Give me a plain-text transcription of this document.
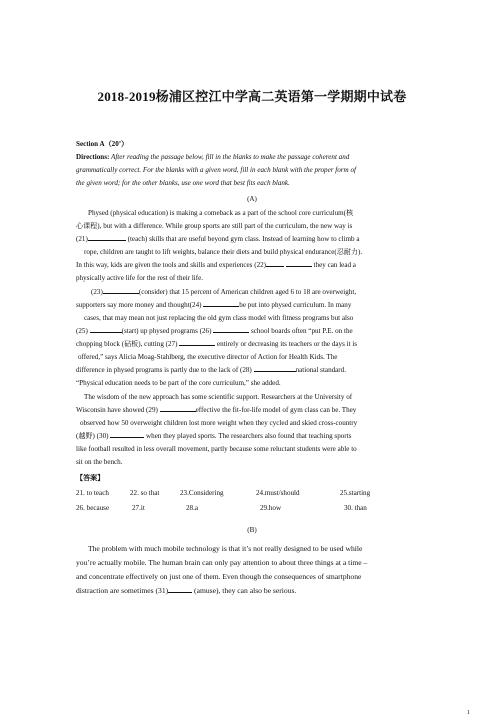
2018-2019杨浦区控江中学高二英语第一学期期中试卷
Section A（20’）
Directions: After reading the passage below, fill in the blanks to make the passage coherent and
grammatically correct. For the blanks with a given word, fill in each blank with the proper form of
the given word; for the other blanks, use one word that best fits each blank.
(A)
Physed (physical education) is making a comeback as a part of the school core curriculum(核
心课程), but with a difference. While group sports are still part of the curriculum, the new way is
(21)	(teach) skills that are useful beyond gym class. Instead of learning how to climb a
rope, children are taught to lift weights, balance their diets and build physical endurance(忍耐力).
In this way, kids are given the tools and skills and experiences (22)	they can lead a
physically active life for the rest of their life.
(23)	(consider) that 15 percent of American children aged 6 to 18 are overweight,
supporters say more money and thought(24)	be put into physed curriculum. In many
cases, that may mean not just replacing the old gym class model with fitness programs but also
(25)	(start) up physed programs (26)	school boards often “put P.E. on the
chopping block (砧板), cutting (27)	entirely or decreasing its teachers or the days it is
offered,” says Alicia Moag-Stahlberg, the executive director of Action for Health Kids. The
difference in physed programs is partly due to the lack of (28)	national standard.
“Physical education needs to be part of the core curriculum,” she added.
The wisdom of the new approach has some scientific support. Researchers at the University of
Wisconsin have showed (29)	effective the fit-for-life model of gym class can be. They
observed how 50 overweight children lost more weight when they cycled and skied cross-country
(越野) (30)	when they played sports. The researchers also found that teaching sports
like football resulted in less overall movement, partly because some reluctant students were able to
sit on the bench.
【答案】
21. to teach	22. so that	23.Considering	24.must/should	25.starting
26. because	27.it	28.a	29.how	30. than
(B)
The problem with much mobile technology is that it’s not really designed to be used while
you’re actually mobile. The human brain can only pay attention to about three things at a time –
and concentrate effectively on just one of them. Even though the consequences of smartphone
distraction are sometimes (31)	(amuse), they can also be serious.
1
